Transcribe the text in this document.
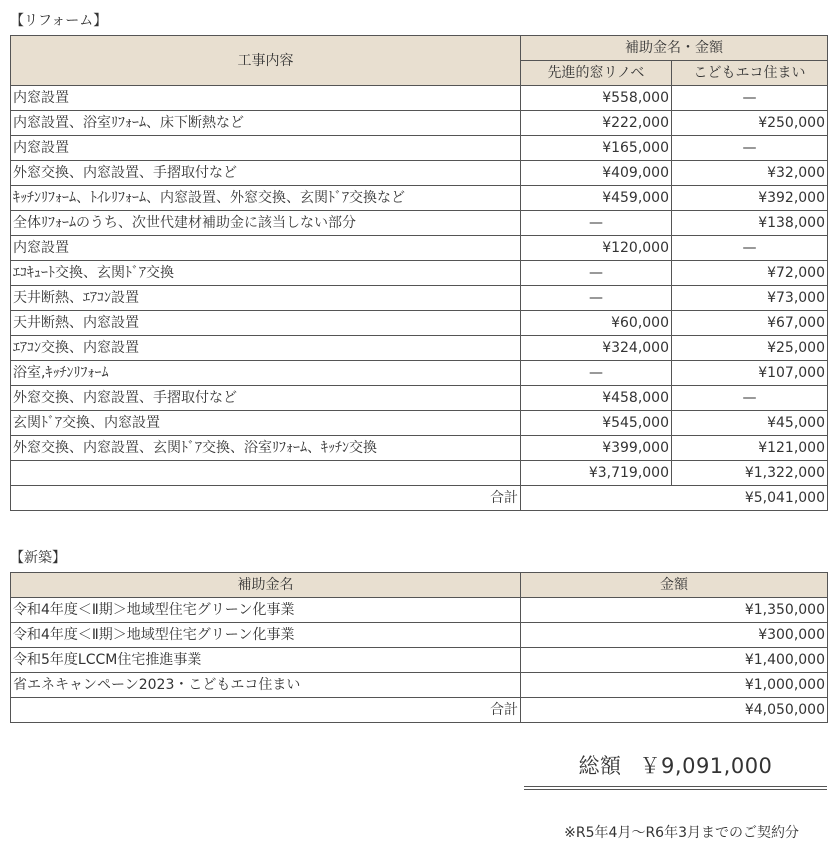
【リフォーム】
工事内容	補助金名・金額	
	先進的窓リノベ	こどもエコ住まい
内窓設置	¥558,000	—
内窓設置、浴室ﾘﾌｫｰﾑ、床下断熱など	¥222,000	¥250,000
内窓設置	¥165,000	—
外窓交換、内窓設置、手摺取付など	¥409,000	¥32,000
ｷｯﾁﾝﾘﾌｫｰﾑ、ﾄｲﾚﾘﾌｫｰﾑ、内窓設置、外窓交換、玄関ﾄﾞｱ交換など	¥459,000	¥392,000
全体ﾘﾌｫｰﾑのうち、次世代建材補助金に該当しない部分	—	¥138,000
内窓設置	¥120,000	—
ｴｺｷｭｰﾄ交換、玄関ﾄﾞｱ交換	—	¥72,000
天井断熱、ｴｱｺﾝ設置	—	¥73,000
天井断熱、内窓設置	¥60,000	¥67,000
ｴｱｺﾝ交換、内窓設置	¥324,000	¥25,000
浴室,ｷｯﾁﾝﾘﾌｫｰﾑ	—	¥107,000
外窓交換、内窓設置、手摺取付など	¥458,000	—
玄関ﾄﾞｱ交換、内窓設置	¥545,000	¥45,000
外窓交換、内窓設置、玄関ﾄﾞｱ交換、浴室ﾘﾌｫｰﾑ、ｷｯﾁﾝ交換	¥399,000	¥121,000
	¥3,719,000	¥1,322,000
合計	¥5,041,000	
【新築】
補助金名	金額
令和4年度＜Ⅱ期＞地域型住宅グリーン化事業	¥1,350,000
令和4年度＜Ⅱ期＞地域型住宅グリーン化事業	¥300,000
令和5年度LCCM住宅推進事業	¥1,400,000
省エネキャンペーン2023・こどもエコ住まい	¥1,000,000
合計	¥4,050,000
総額 ￥9,091,000
※R5年4月～R6年3月までのご契約分
